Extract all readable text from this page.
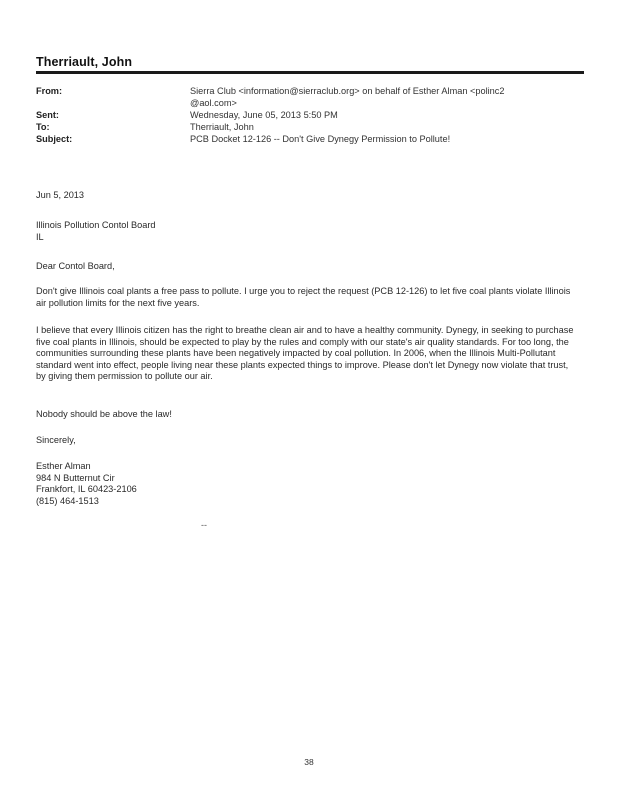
Therriault, John
From:	Sierra Club <information@sierraclub.org> on behalf of Esther Alman <polinc2
@aol.com>
Sent:	Wednesday, June 05, 2013 5:50 PM
To:	Therriault, John
Subject:	PCB Docket 12-126 -- Don't Give Dynegy Permission to Pollute!
Jun 5, 2013
Illinois Pollution Contol Board
IL
Dear Contol Board,

Don't give Illinois coal plants a free pass to pollute. I urge you to reject the request (PCB 12-126) to let five coal plants violate Illinois air pollution limits for the next five years.

I believe that every Illinois citizen has the right to breathe clean air and to have a healthy community. Dynegy, in seeking to purchase five coal plants in Illinois, should be expected to play by the rules and comply with our state's air quality standards. For too long, the communities surrounding these plants have been negatively impacted by coal pollution. In 2006, when the Illinois Multi-Pollutant standard went into effect, people living near these plants expected things to improve. Please don't let Dynegy now violate that trust, by giving them permission to pollute our air.

Nobody should be above the law!
Sincerely,
Esther Alman
984 N Butternut Cir
Frankfort, IL 60423-2106
(815) 464-1513
--
38
